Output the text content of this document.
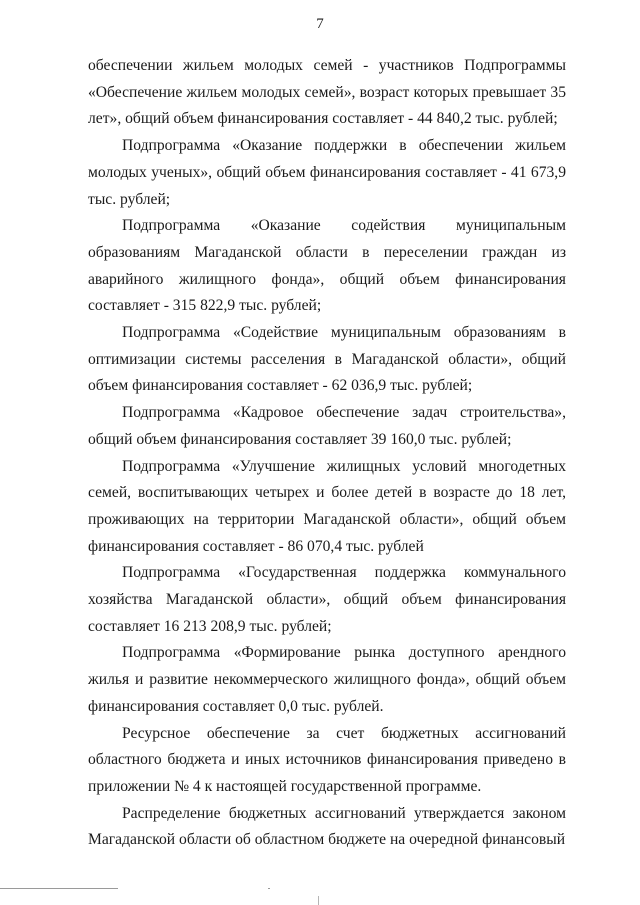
7

обеспечении жильем молодых семей - участников Подпрограммы «Обеспечение жильем молодых семей», возраст которых превышает 35 лет», общий объем финансирования составляет - 44 840,2 тыс. рублей;

Подпрограмма «Оказание поддержки в обеспечении жильем молодых ученых», общий объем финансирования составляет - 41 673,9 тыс. рублей;

Подпрограмма «Оказание содействия муниципальным образованиям Магаданской области в переселении граждан из аварийного жилищного фонда», общий объем финансирования составляет - 315 822,9 тыс. рублей;

Подпрограмма «Содействие муниципальным образованиям в оптимизации системы расселения в Магаданской области», общий объем финансирования составляет - 62 036,9 тыс. рублей;

Подпрограмма «Кадровое обеспечение задач строительства», общий объем финансирования составляет 39 160,0 тыс. рублей;

Подпрограмма «Улучшение жилищных условий многодетных семей, воспитывающих четырех и более детей в возрасте до 18 лет, проживающих на территории Магаданской области», общий объем финансирования составляет - 86 070,4 тыс. рублей

Подпрограмма «Государственная поддержка коммунального хозяйства Магаданской области», общий объем финансирования составляет 16 213 208,9 тыс. рублей;

Подпрограмма «Формирование рынка доступного арендного жилья и развитие некоммерческого жилищного фонда», общий объем финансирования составляет 0,0 тыс. рублей.

Ресурсное обеспечение за счет бюджетных ассигнований областного бюджета и иных источников финансирования приведено в приложении № 4 к настоящей государственной программе.

Распределение бюджетных ассигнований утверждается законом Магаданской области об областном бюджете на очередной финансовый
